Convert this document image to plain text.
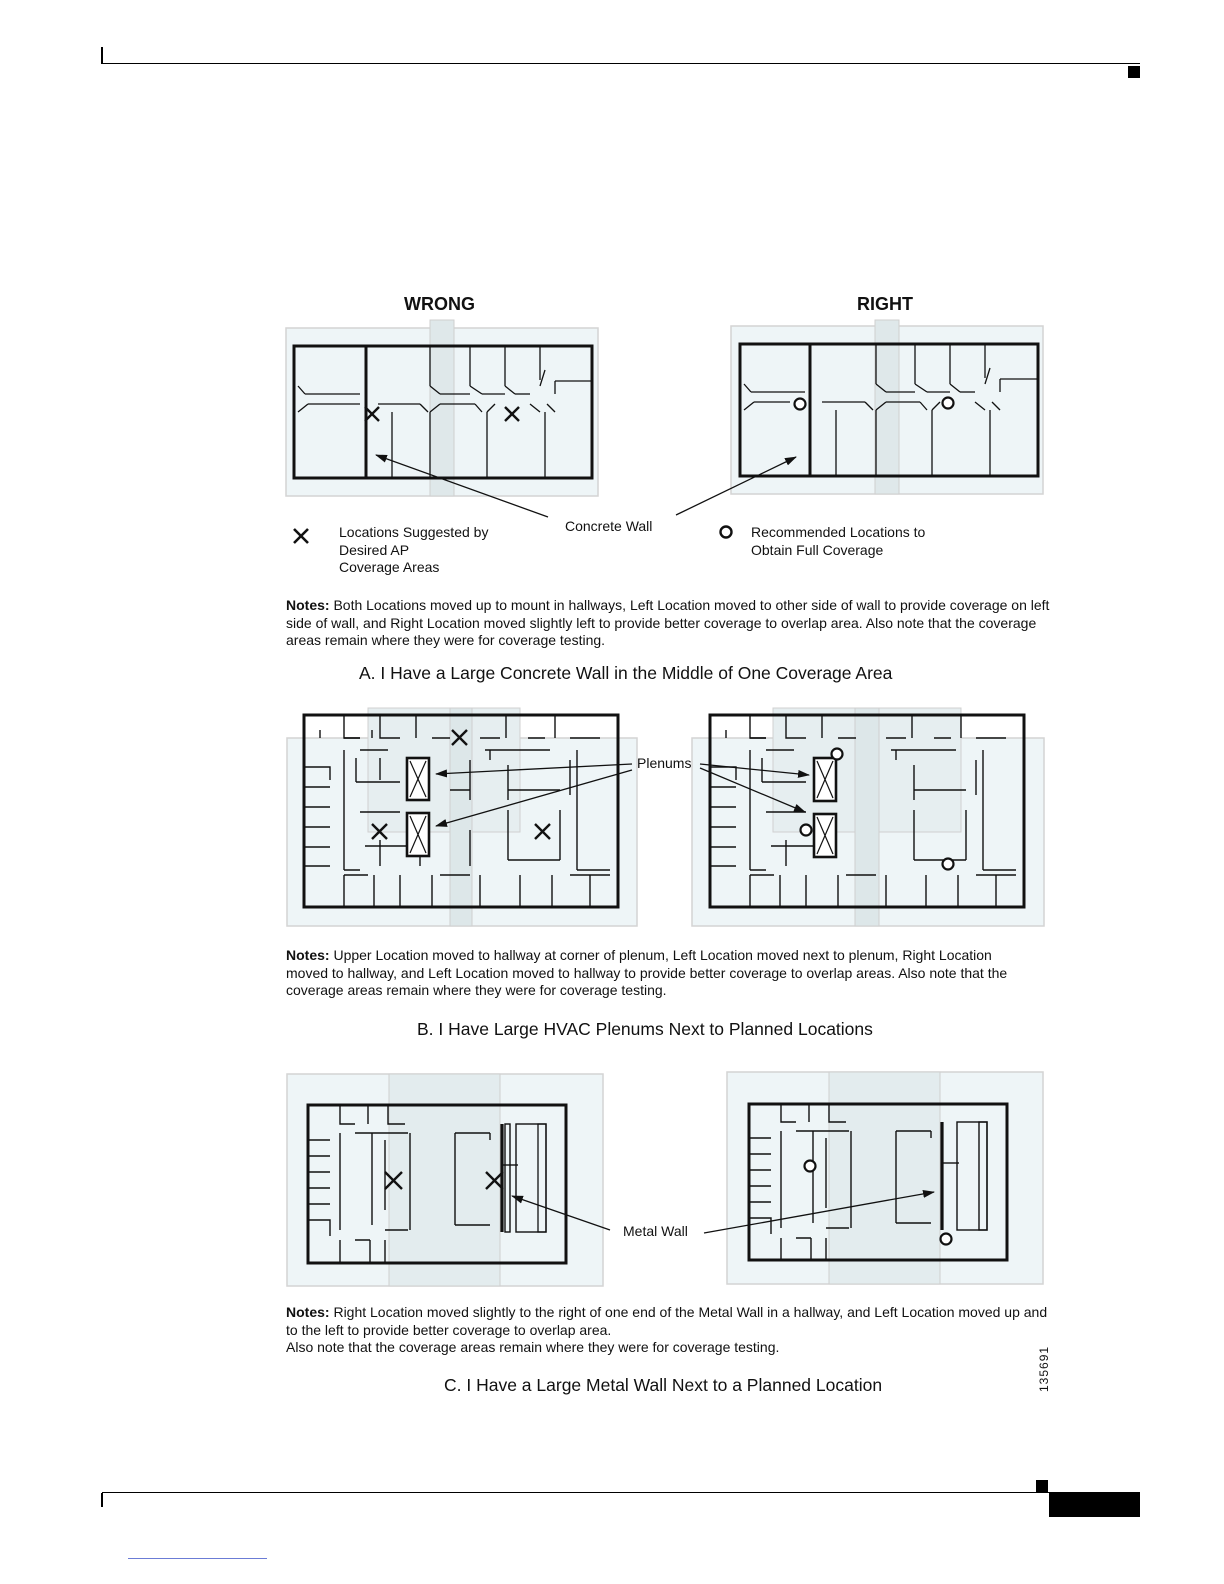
WRONG	RIGHT
Concrete Wall
Locations Suggested by
Desired AP
Coverage Areas
Recommended Locations to
Obtain Full Coverage
Notes: Both Locations moved up to mount in hallways, Left Location moved to other side of wall to provide coverage on left side of wall, and Right Location moved slightly left to provide better coverage to overlap area. Also note that the coverage areas remain where they were for coverage testing.
A. I Have a Large Concrete Wall in the Middle of One Coverage Area
Plenums
Notes: Upper Location moved to hallway at corner of plenum, Left Location moved next to plenum, Right Location moved to hallway, and Left Location moved to hallway to provide better coverage to overlap areas. Also note that the coverage areas remain where they were for coverage testing.
B. I Have Large HVAC Plenums Next to Planned Locations
Metal Wall
Notes: Right Location moved slightly to the right of one end of the Metal Wall in a hallway, and Left Location moved up and to the left to provide better coverage to overlap area.
Also note that the coverage areas remain where they were for coverage testing.
C. I Have a Large Metal Wall Next to a Planned Location	135691
